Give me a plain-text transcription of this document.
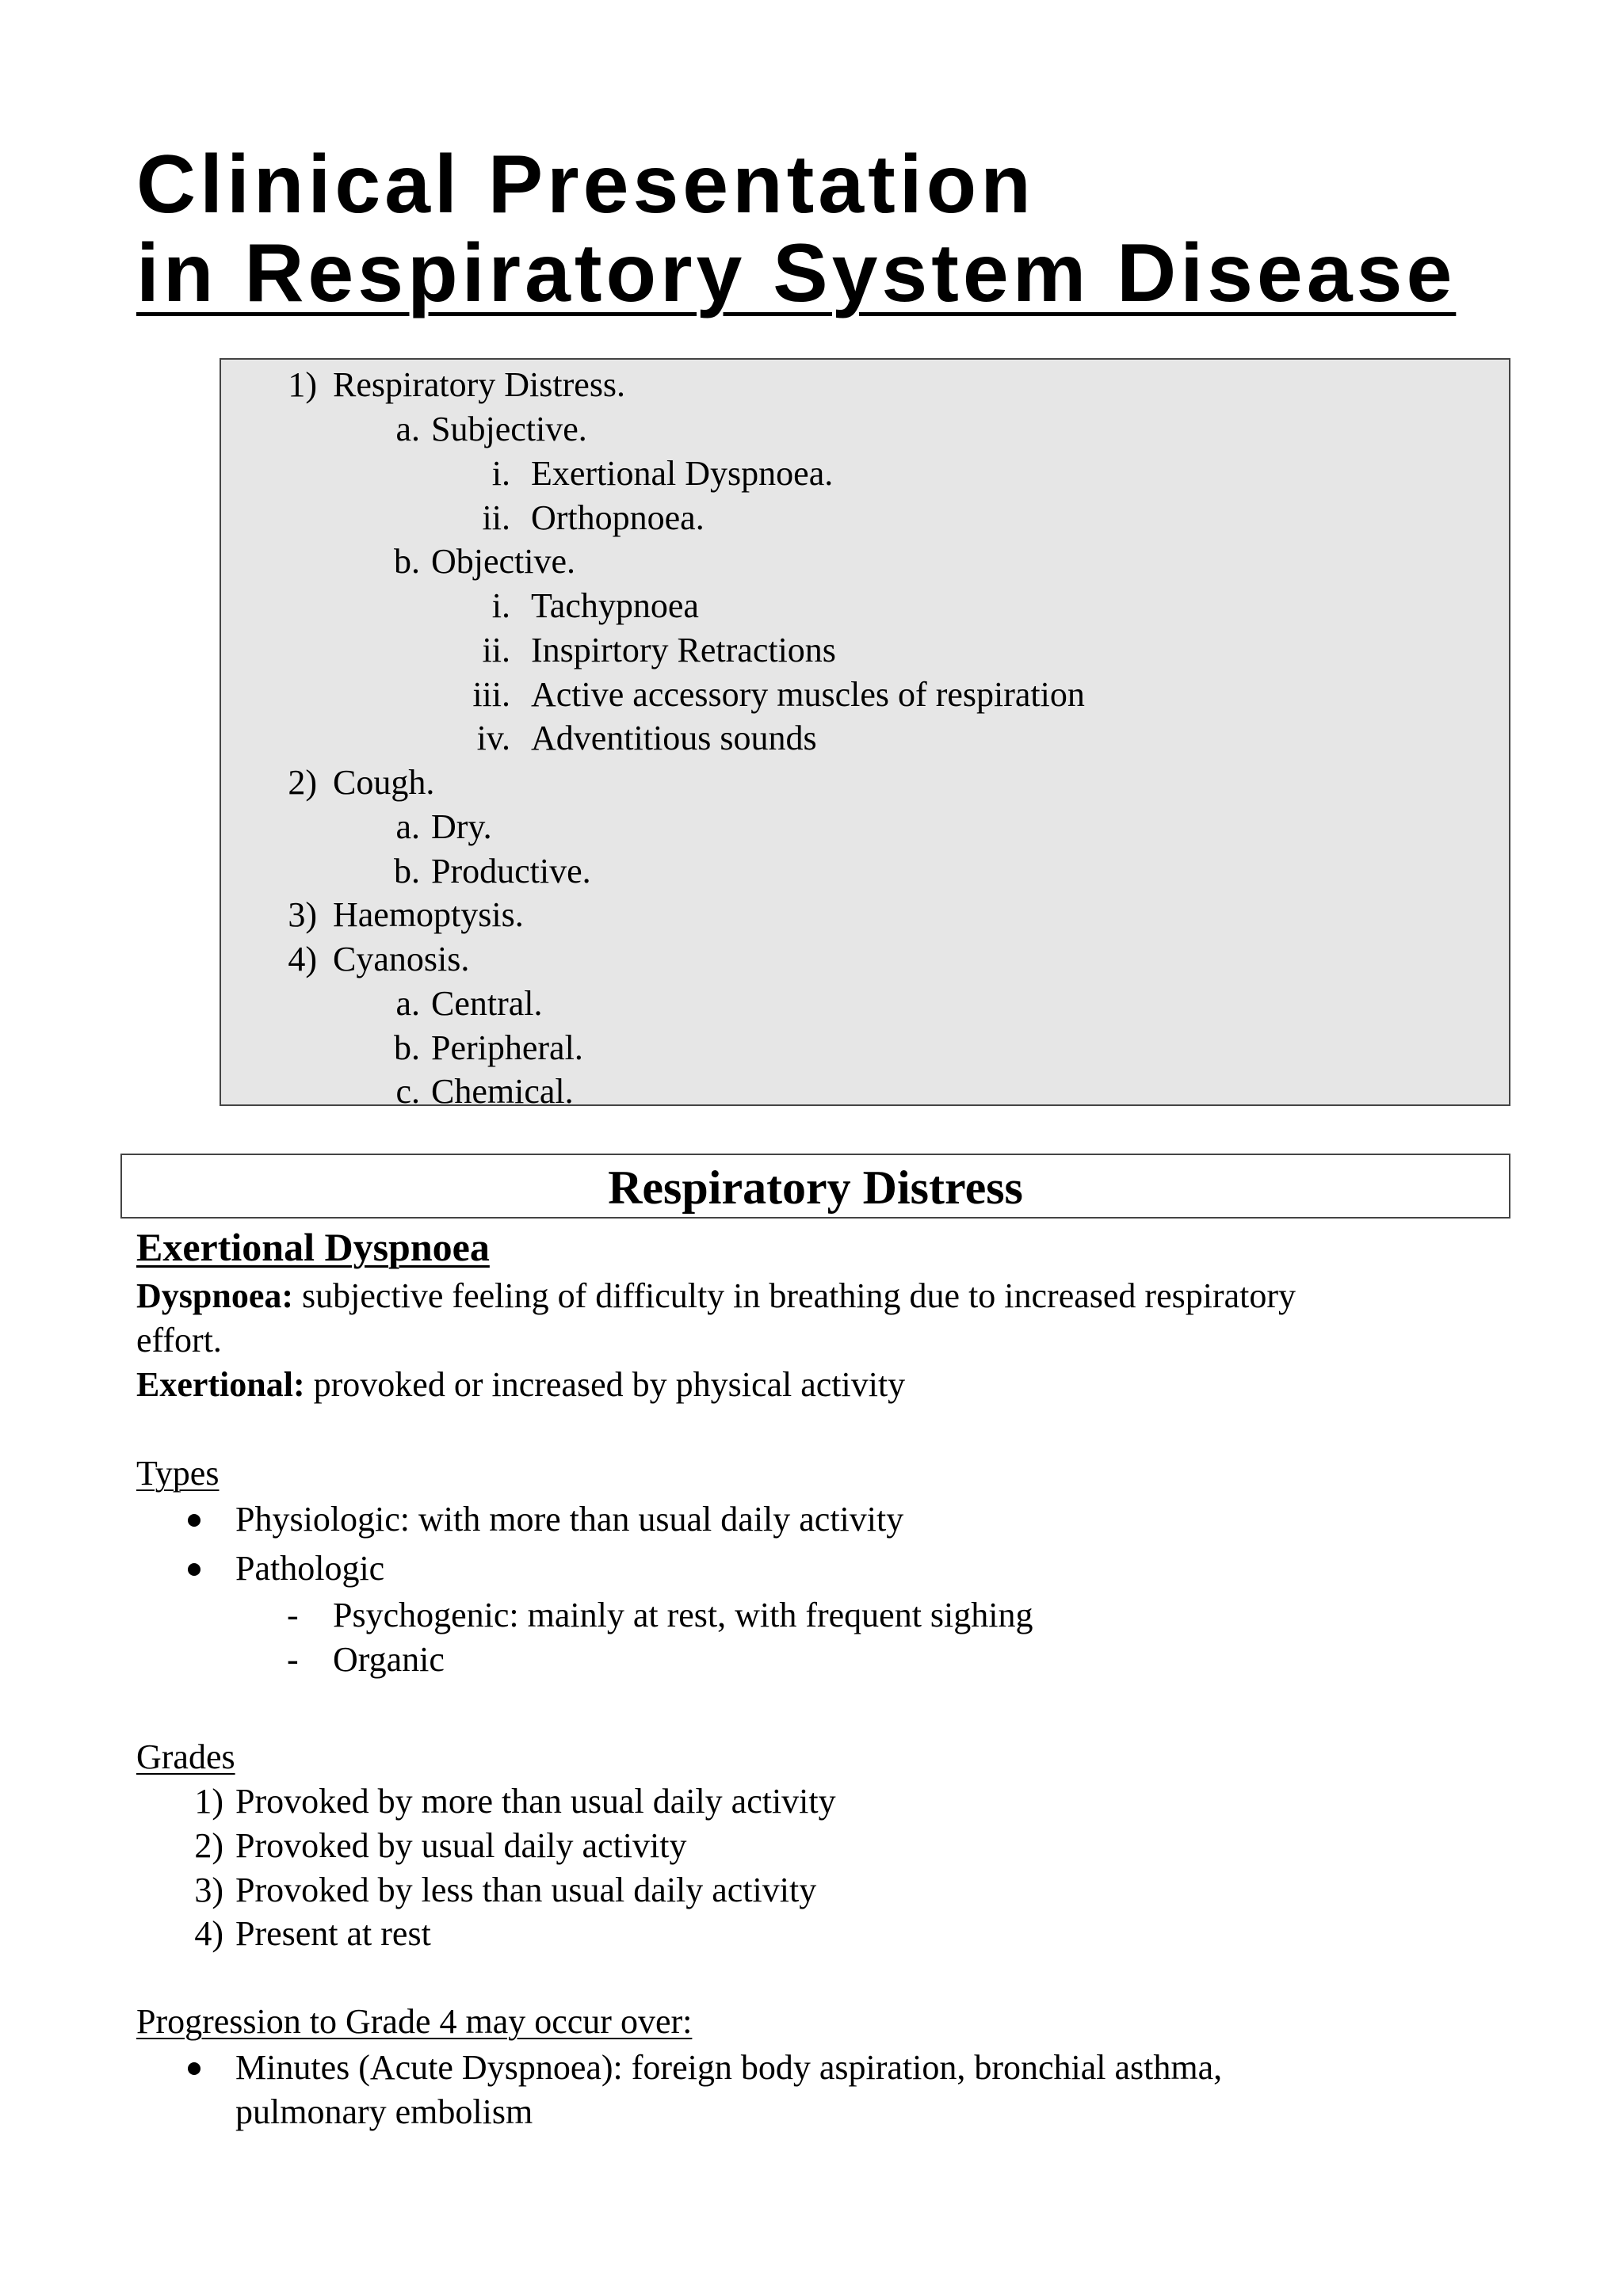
Clinical Presentation
in Respiratory System Disease
1) Respiratory Distress.
a. Subjective.
i. Exertional Dyspnoea.
ii. Orthopnoea.
b. Objective.
i. Tachypnoea
ii. Inspirtory Retractions
iii. Active accessory muscles of respiration
iv. Adventitious sounds
2) Cough.
a. Dry.
b. Productive.
3) Haemoptysis.
4) Cyanosis.
a. Central.
b. Peripheral.
c. Chemical.
Respiratory Distress
Exertional Dyspnoea
Dyspnoea: subjective feeling of difficulty in breathing due to increased respiratory
effort.
Exertional: provoked or increased by physical activity
Types
Physiologic: with more than usual daily activity
Pathologic
- Psychogenic: mainly at rest, with frequent sighing
- Organic
Grades
1) Provoked by more than usual daily activity
2) Provoked by usual daily activity
3) Provoked by less than usual daily activity
4) Present at rest
Progression to Grade 4 may occur over:
Minutes (Acute Dyspnoea): foreign body aspiration, bronchial asthma,
pulmonary embolism
